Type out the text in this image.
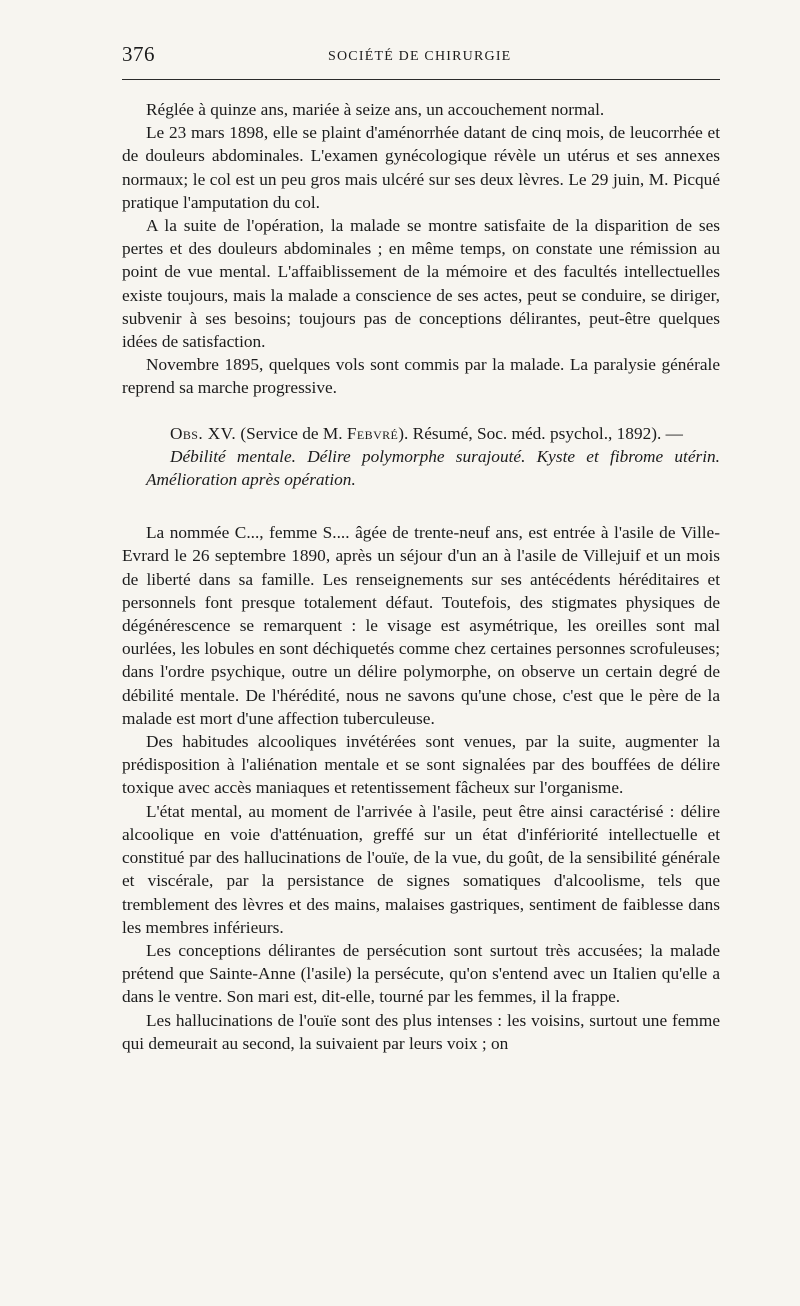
376	SOCIÉTÉ DE CHIRURGIE

Réglée à quinze ans, mariée à seize ans, un accouchement normal.

Le 23 mars 1898, elle se plaint d'aménorrhée datant de cinq mois, de leucorrhée et de douleurs abdominales. L'examen gynécologique révèle un utérus et ses annexes normaux; le col est un peu gros mais ulcéré sur ses deux lèvres. Le 29 juin, M. Picqué pratique l'amputation du col.

A la suite de l'opération, la malade se montre satisfaite de la disparition de ses pertes et des douleurs abdominales ; en même temps, on constate une rémission au point de vue mental. L'affaiblissement de la mémoire et des facultés intellectuelles existe toujours, mais la malade a conscience de ses actes, peut se conduire, se diriger, subvenir à ses besoins; toujours pas de conceptions délirantes, peut-être quelques idées de satisfaction.

Novembre 1895, quelques vols sont commis par la malade. La paralysie générale reprend sa marche progressive.

Obs. XV. (Service de M. Febvré). Résumé, Soc. méd. psychol., 1892). —

Débilité mentale. Délire polymorphe surajouté. Kyste et fibrome utérin. Amélioration après opération.

La nommée C..., femme S.... âgée de trente-neuf ans, est entrée à l'asile de Ville-Evrard le 26 septembre 1890, après un séjour d'un an à l'asile de Villejuif et un mois de liberté dans sa famille. Les renseignements sur ses antécédents héréditaires et personnels font presque totalement défaut. Toutefois, des stigmates physiques de dégénérescence se remarquent : le visage est asymétrique, les oreilles sont mal ourlées, les lobules en sont déchiquetés comme chez certaines personnes scrofuleuses; dans l'ordre psychique, outre un délire polymorphe, on observe un certain degré de débilité mentale. De l'hérédité, nous ne savons qu'une chose, c'est que le père de la malade est mort d'une affection tuberculeuse.

Des habitudes alcooliques invétérées sont venues, par la suite, augmenter la prédisposition à l'aliénation mentale et se sont signalées par des bouffées de délire toxique avec accès maniaques et retentissement fâcheux sur l'organisme.

L'état mental, au moment de l'arrivée à l'asile, peut être ainsi caractérisé : délire alcoolique en voie d'atténuation, greffé sur un état d'infériorité intellectuelle et constitué par des hallucinations de l'ouïe, de la vue, du goût, de la sensibilité générale et viscérale, par la persistance de signes somatiques d'alcoolisme, tels que tremblement des lèvres et des mains, malaises gastriques, sentiment de faiblesse dans les membres inférieurs.

Les conceptions délirantes de persécution sont surtout très accusées; la malade prétend que Sainte-Anne (l'asile) la persécute, qu'on s'entend avec un Italien qu'elle a dans le ventre. Son mari est, dit-elle, tourné par les femmes, il la frappe.

Les hallucinations de l'ouïe sont des plus intenses : les voisins, surtout une femme qui demeurait au second, la suivaient par leurs voix ; on
